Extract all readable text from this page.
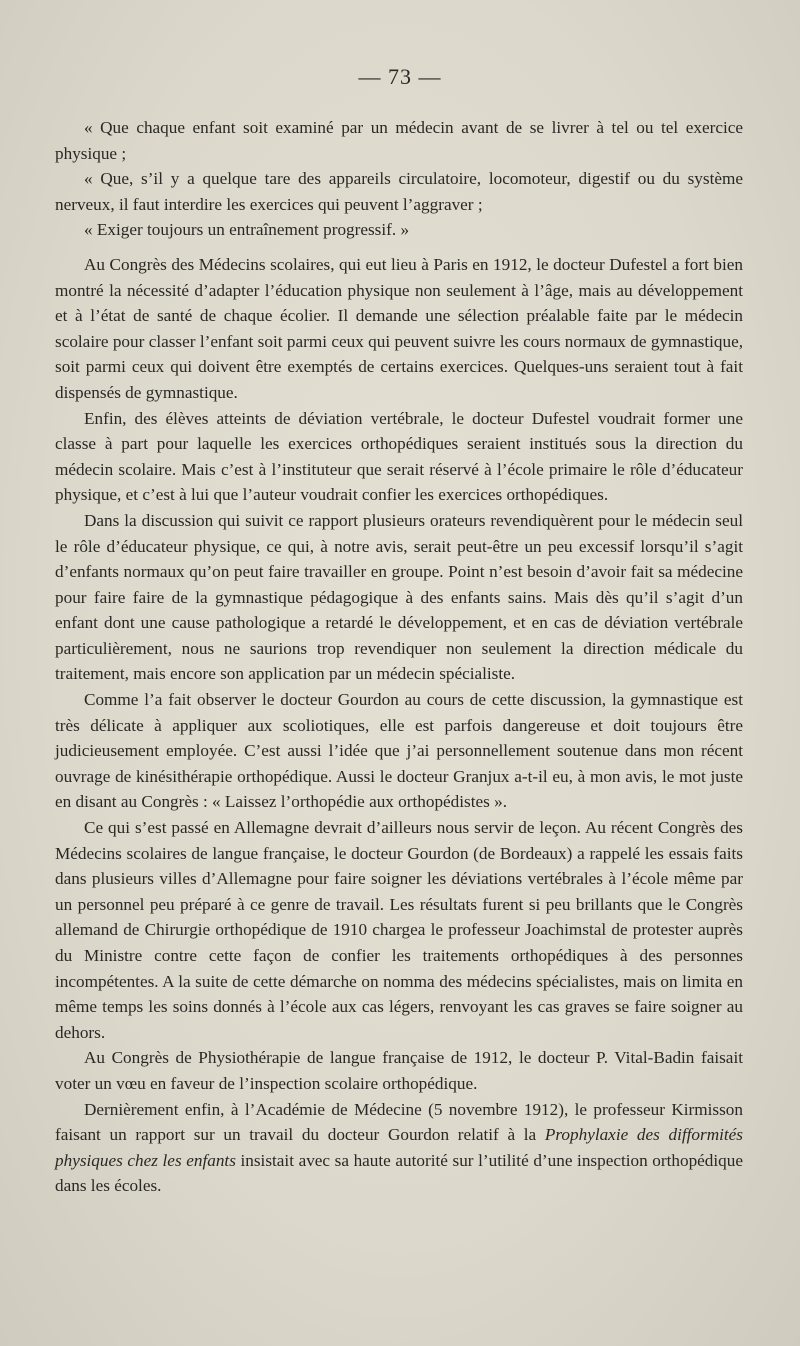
— 73 —

« Que chaque enfant soit examiné par un médecin avant de se livrer à tel ou tel exercice physique ;

« Que, s’il y a quelque tare des appareils circulatoire, locomoteur, digestif ou du système nerveux, il faut interdire les exercices qui peuvent l’aggraver ;

« Exiger toujours un entraînement progressif. »

Au Congrès des Médecins scolaires, qui eut lieu à Paris en 1912, le docteur Dufestel a fort bien montré la nécessité d’adapter l’éducation physique non seulement à l’âge, mais au développement et à l’état de santé de chaque écolier. Il demande une sélection préalable faite par le médecin scolaire pour classer l’enfant soit parmi ceux qui peuvent suivre les cours normaux de gymnastique, soit parmi ceux qui doivent être exemptés de certains exercices. Quelques-uns seraient tout à fait dispensés de gymnastique.

Enfin, des élèves atteints de déviation vertébrale, le docteur Dufestel voudrait former une classe à part pour laquelle les exercices orthopédiques seraient institués sous la direction du médecin scolaire. Mais c’est à l’instituteur que serait réservé à l’école primaire le rôle d’éducateur physique, et c’est à lui que l’auteur voudrait confier les exercices orthopédiques.

Dans la discussion qui suivit ce rapport plusieurs orateurs revendiquèrent pour le médecin seul le rôle d’éducateur physique, ce qui, à notre avis, serait peut-être un peu excessif lorsqu’il s’agit d’enfants normaux qu’on peut faire travailler en groupe. Point n’est besoin d’avoir fait sa médecine pour faire faire de la gymnastique pédagogique à des enfants sains. Mais dès qu’il s’agit d’un enfant dont une cause pathologique a retardé le développement, et en cas de déviation vertébrale particulièrement, nous ne saurions trop revendiquer non seulement la direction médicale du traitement, mais encore son application par un médecin spécialiste.

Comme l’a fait observer le docteur Gourdon au cours de cette discussion, la gymnastique est très délicate à appliquer aux scoliotiques, elle est parfois dangereuse et doit toujours être judicieusement employée. C’est aussi l’idée que j’ai personnellement soutenue dans mon récent ouvrage de kinésithérapie orthopédique. Aussi le docteur Granjux a-t-il eu, à mon avis, le mot juste en disant au Congrès : « Laissez l’orthopédie aux orthopédistes ».

Ce qui s’est passé en Allemagne devrait d’ailleurs nous servir de leçon. Au récent Congrès des Médecins scolaires de langue française, le docteur Gourdon (de Bordeaux) a rappelé les essais faits dans plusieurs villes d’Allemagne pour faire soigner les déviations vertébrales à l’école même par un personnel peu préparé à ce genre de travail. Les résultats furent si peu brillants que le Congrès allemand de Chirurgie orthopédique de 1910 chargea le professeur Joachimstal de protester auprès du Ministre contre cette façon de confier les traitements orthopédiques à des personnes incompétentes. A la suite de cette démarche on nomma des médecins spécialistes, mais on limita en même temps les soins donnés à l’école aux cas légers, renvoyant les cas graves se faire soigner au dehors.

Au Congrès de Physiothérapie de langue française de 1912, le docteur P. Vital-Badin faisait voter un vœu en faveur de l’inspection scolaire orthopédique.

Dernièrement enfin, à l’Académie de Médecine (5 novembre 1912), le professeur Kirmisson faisant un rapport sur un travail du docteur Gourdon relatif à la Prophylaxie des difformités physiques chez les enfants insistait avec sa haute autorité sur l’utilité d’une inspection orthopédique dans les écoles.
